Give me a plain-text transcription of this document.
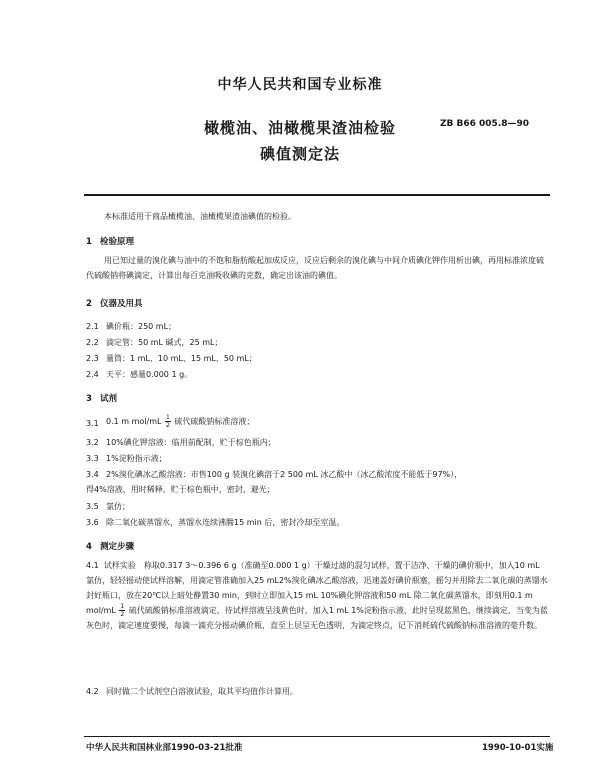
中华人民共和国专业标准
橄榄油、油橄榄果渣油检验
碘值测定法
ZB B66 005.8—90
本标准适用于商品橄榄油、油橄榄果渣油碘值的检验。
1 检验原理
用已知过量的溴化碘与油中的不饱和脂肪酸起加成反应，反应后剩余的溴化碘与中间介质碘化钾作用析出碘，再用标准浓度硫代硫酸钠将碘滴定，计算出每百克油吸收碘的克数，确定出该油的碘值。
2 仪器及用具
2.1 碘价瓶：250 mL；
2.2 滴定管：50 mL 碱式，25 mL；
2.3 量筒：1 mL、10 mL、15 mL、50 mL；
2.4 天平：感量0.000 1 g。
3 试剂
3.1 0.1 m $mol/mL \frac{1}{2}$ 硫代硫酸钠标准溶液；
3.2 10%碘化钾溶液：临用前配制，贮于棕色瓶内；
3.3 1%淀粉指示液；
3.4 2%溴化碘冰乙酸溶液：市售100 g 装溴化碘溶于2 500 mL 冰乙酸中（冰乙酸浓度不能低于97%），
得4%溶液，用时稀释，贮于棕色瓶中，密封、避光；
3.5 氯仿；
3.6 除二氧化碳蒸馏水，蒸馏水连续沸腾15 min 后，密封冷却至室温。
4 测定步骤
4.1 试样实验　称取0.317 3～0.396 6 g（准确至0.000 1 g）干燥过滤的混匀试样，置于洁净、干燥的碘价瓶中，加入10 mL 氯仿，轻轻摇动使试样溶解，用滴定管准确加入25 mL2%溴化碘冰乙酸溶液，迅速盖好碘价瓶塞，摇匀并用除去二氧化碳的蒸馏水封好瓶口，放在20℃以上暗处静置30 min，到时立即加入15 mL 10%碘化钾溶液和50 mL 除二氧化碳蒸馏水，即刻用0.1 m $mol/mL \frac{1}{2}$ 硫代硫酸钠标准溶液滴定，待试样溶液呈浅黄色时，加入1 mL 1%淀粉指示液，此时呈现蓝黑色，继续滴定，当变为蓝灰色时，滴定速度要慢，每滴一滴充分摇动碘价瓶，直至上层呈无色透明，为滴定终点，记下消耗硫代硫酸钠标准溶液的毫升数。
4.2 同时做二个试剂空白溶液试验，取其平均值作计算用。
中华人民共和国林业部1990-03-21批准	1990-10-01实施
